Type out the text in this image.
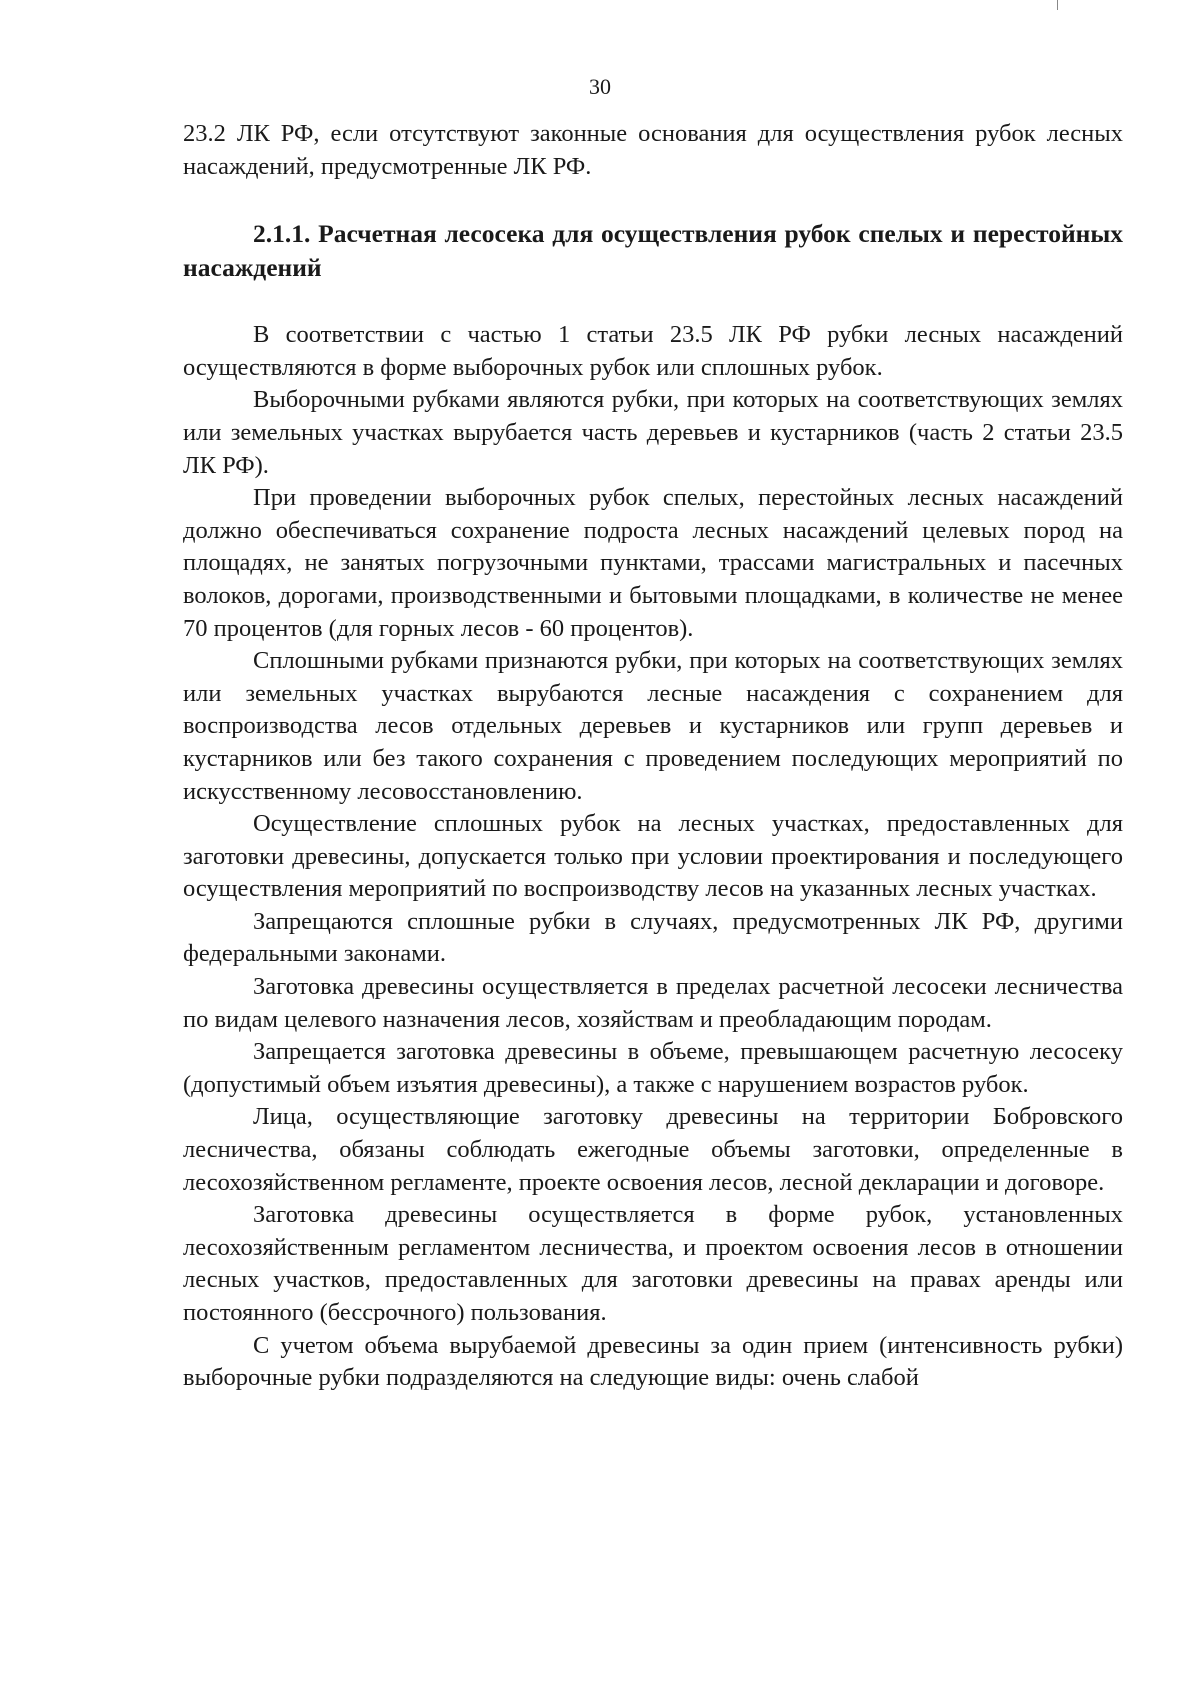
30

23.2 ЛК РФ, если отсутствуют законные основания для осуществления рубок лесных насаждений, предусмотренные ЛК РФ.

2.1.1. Расчетная лесосека для осуществления рубок спелых и перестойных насаждений

В соответствии с частью 1 статьи 23.5 ЛК РФ рубки лесных насаждений осуществляются в форме выборочных рубок или сплошных рубок.

Выборочными рубками являются рубки, при которых на соответствующих землях или земельных участках вырубается часть деревьев и кустарников (часть 2 статьи 23.5 ЛК РФ).

При проведении выборочных рубок спелых, перестойных лесных насаждений должно обеспечиваться сохранение подроста лесных насаждений целевых пород на площадях, не занятых погрузочными пунктами, трассами магистральных и пасечных волоков, дорогами, производственными и бытовыми площадками, в количестве не менее 70 процентов (для горных лесов - 60 процентов).

Сплошными рубками признаются рубки, при которых на соответствующих землях или земельных участках вырубаются лесные насаждения с сохранением для воспроизводства лесов отдельных деревьев и кустарников или групп деревьев и кустарников или без такого сохранения с проведением последующих мероприятий по искусственному лесовосстановлению.

Осуществление сплошных рубок на лесных участках, предоставленных для заготовки древесины, допускается только при условии проектирования и последующего осуществления мероприятий по воспроизводству лесов на указанных лесных участках.

Запрещаются сплошные рубки в случаях, предусмотренных ЛК РФ, другими федеральными законами.

Заготовка древесины осуществляется в пределах расчетной лесосеки лесничества по видам целевого назначения лесов, хозяйствам и преобладающим породам.

Запрещается заготовка древесины в объеме, превышающем расчетную лесосеку (допустимый объем изъятия древесины), а также с нарушением возрастов рубок.

Лица, осуществляющие заготовку древесины на территории Бобровского лесничества, обязаны соблюдать ежегодные объемы заготовки, определенные в лесохозяйственном регламенте, проекте освоения лесов, лесной декларации и договоре.

Заготовка древесины осуществляется в форме рубок, установленных лесохозяйственным регламентом лесничества, и проектом освоения лесов в отношении лесных участков, предоставленных для заготовки древесины на правах аренды или постоянного (бессрочного) пользования.

С учетом объема вырубаемой древесины за один прием (интенсивность рубки) выборочные рубки подразделяются на следующие виды: очень слабой
